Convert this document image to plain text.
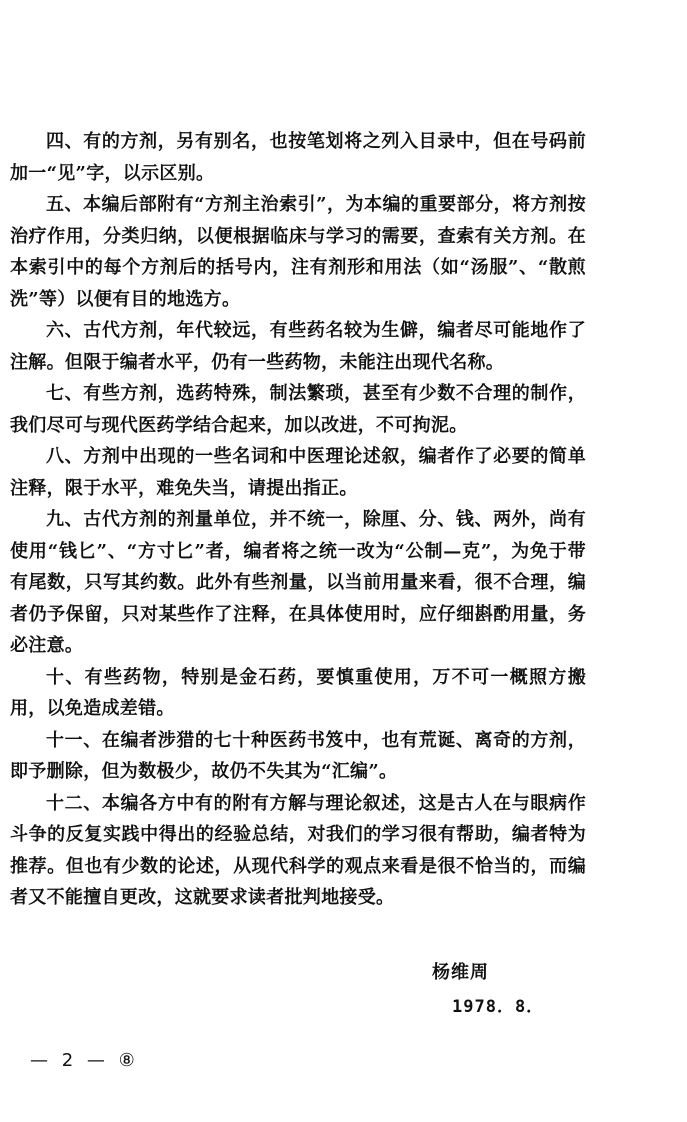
四、有的方剂，另有别名，也按笔划将之列入目录中，但在号码前加一“见”字，以示区别。

五、本编后部附有“方剂主治索引”，为本编的重要部分，将方剂按治疗作用，分类归纳，以便根据临床与学习的需要，查索有关方剂。在本索引中的每个方剂后的括号内，注有剂形和用法（如“汤服”、“散煎洗”等）以便有目的地选方。

六、古代方剂，年代较远，有些药名较为生僻，编者尽可能地作了注解。但限于编者水平，仍有一些药物，未能注出现代名称。

七、有些方剂，选药特殊，制法繁琐，甚至有少数不合理的制作，我们尽可与现代医药学结合起来，加以改进，不可拘泥。

八、方剂中出现的一些名词和中医理论述叙，编者作了必要的简单注释，限于水平，难免失当，请提出指正。

九、古代方剂的剂量单位，并不统一，除厘、分、钱、两外，尚有使用“钱匕”、“方寸匕”者，编者将之统一改为“公制—克”，为免于带有尾数，只写其约数。此外有些剂量，以当前用量来看，很不合理，编者仍予保留，只对某些作了注释，在具体使用时，应仔细斟酌用量，务必注意。

十、有些药物，特别是金石药，要慎重使用，万不可一概照方搬用，以免造成差错。

十一、在编者涉猎的七十种医药书笈中，也有荒诞、离奇的方剂，即予删除，但为数极少，故仍不失其为“汇编”。

十二、本编各方中有的附有方解与理论叙述，这是古人在与眼病作斗争的反复实践中得出的经验总结，对我们的学习很有帮助，编者特为推荐。但也有少数的论述，从现代科学的观点来看是很不恰当的，而编者又不能擅自更改，这就要求读者批判地接受。

杨维周
1978．8．
— 2 — ⑧
